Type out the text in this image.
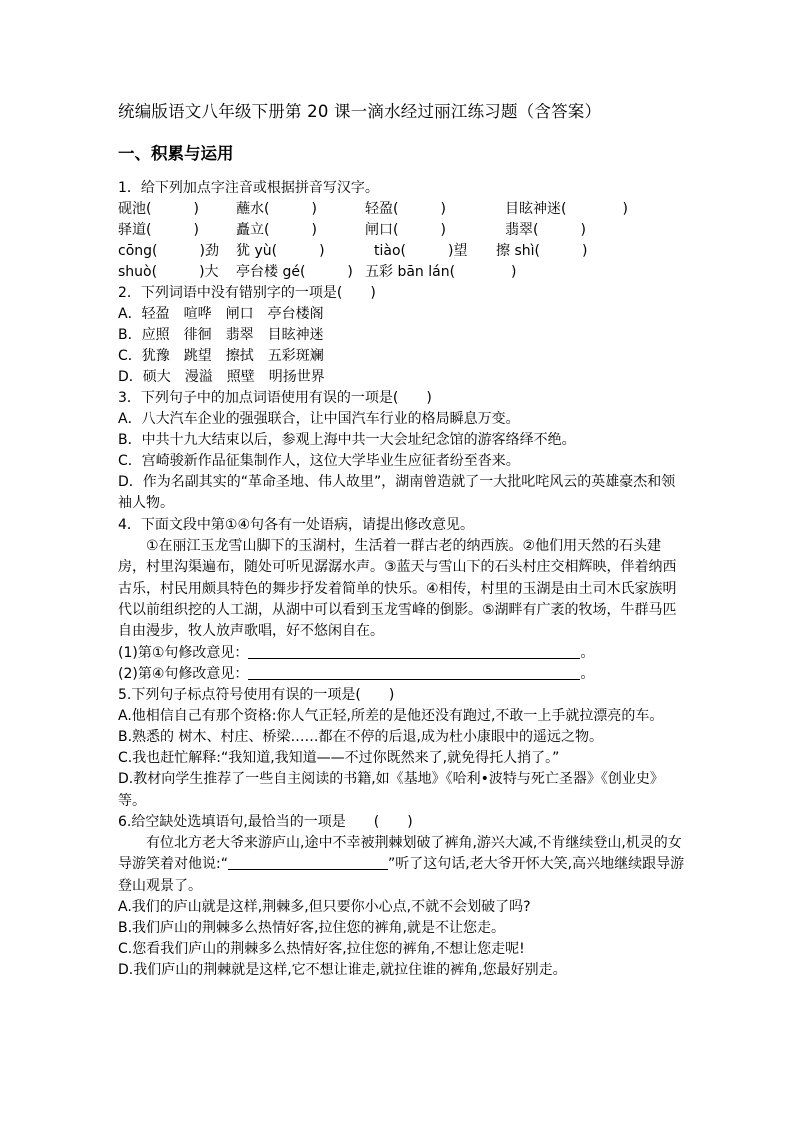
统编版语文八年级下册第 20 课一滴水经过丽江练习题（含答案）
一、积累与运用
1．给下列加点字注音或根据拼音写汉字。
砚池(　　　)	蘸水(　　　)	轻盈(　　　)	目眩神迷(　　　　)
驿道(　　　)	矗立(　　　)	闸口(　　　)	翡翠(　　　)
cōng(　　　)劲 犹 yù(　　　)	tiào(　　　)望 擦 shì(　　　)
shuò(　　　)大 亭台楼 gé(　　　) 五彩 bān lán(　　　　)
2．下列词语中没有错别字的一项是(　　)
A．轻盈　喧哗　闸口　亭台楼阁
B．应照　徘徊　翡翠　目眩神迷
C．犹豫　跳望　擦拭　五彩斑斓
D．硕大　漫溢　照壁　明扬世界
3．下列句子中的加点词语使用有误的一项是(　　)
A．八大汽车企业的强强联合，让中国汽车行业的格局瞬息万变。
B．中共十九大结束以后，参观上海中共一大会址纪念馆的游客络绎不绝。
C．宫崎骏新作品征集制作人，这位大学毕业生应征者纷至沓来。
D．作为名副其实的“革命圣地、伟人故里”，湖南曾造就了一大批叱咤风云的英雄豪杰和领袖人物。
4．下面文段中第①④句各有一处语病，请提出修改意见。
①在丽江玉龙雪山脚下的玉湖村，生活着一群古老的纳西族。②他们用天然的石头建房，村里沟渠遍布，随处可听见潺潺水声。③蓝天与雪山下的石头村庄交相辉映，伴着纳西古乐，村民用颇具特色的舞步抒发着简单的快乐。④相传，村里的玉湖是由土司木氏家族明代以前组织挖的人工湖，从湖中可以看到玉龙雪峰的倒影。⑤湖畔有广袤的牧场，牛群马匹自由漫步，牧人放声歌唱，好不悠闲自在。
(1)第①句修改意见：	。
(2)第④句修改意见：	。
5.下列句子标点符号使用有误的一项是(　　)
A.他相信自己有那个资格:你人气正轻,所差的是他还没有跑过,不敢一上手就拉漂亮的车。
B.熟悉的 树木、村庄、桥梁……都在不停的后退,成为杜小康眼中的遥远之物。
C.我也赶忙解释:“我知道,我知道——不过你既然来了,就免得托人捎了。”
D.教材向学生推荐了一些自主阅读的书籍,如《基地》《哈利•波特与死亡圣器》《创业史》等。
6.给空缺处选填语句,最恰当的一项是　　(　　)
有位北方老大爷来游庐山,途中不幸被荆棘划破了裤角,游兴大减,不肯继续登山,机灵的女导游笑着对他说:“	”听了这句话,老大爷开怀大笑,高兴地继续跟导游登山观景了。
A.我们的庐山就是这样,荆棘多,但只要你小心点,不就不会划破了吗?
B.我们庐山的荆棘多么热情好客,拉住您的裤角,就是不让您走。
C.您看我们庐山的荆棘多么热情好客,拉住您的裤角,不想让您走呢!
D.我们庐山的荆棘就是这样,它不想让谁走,就拉住谁的裤角,您最好别走。
